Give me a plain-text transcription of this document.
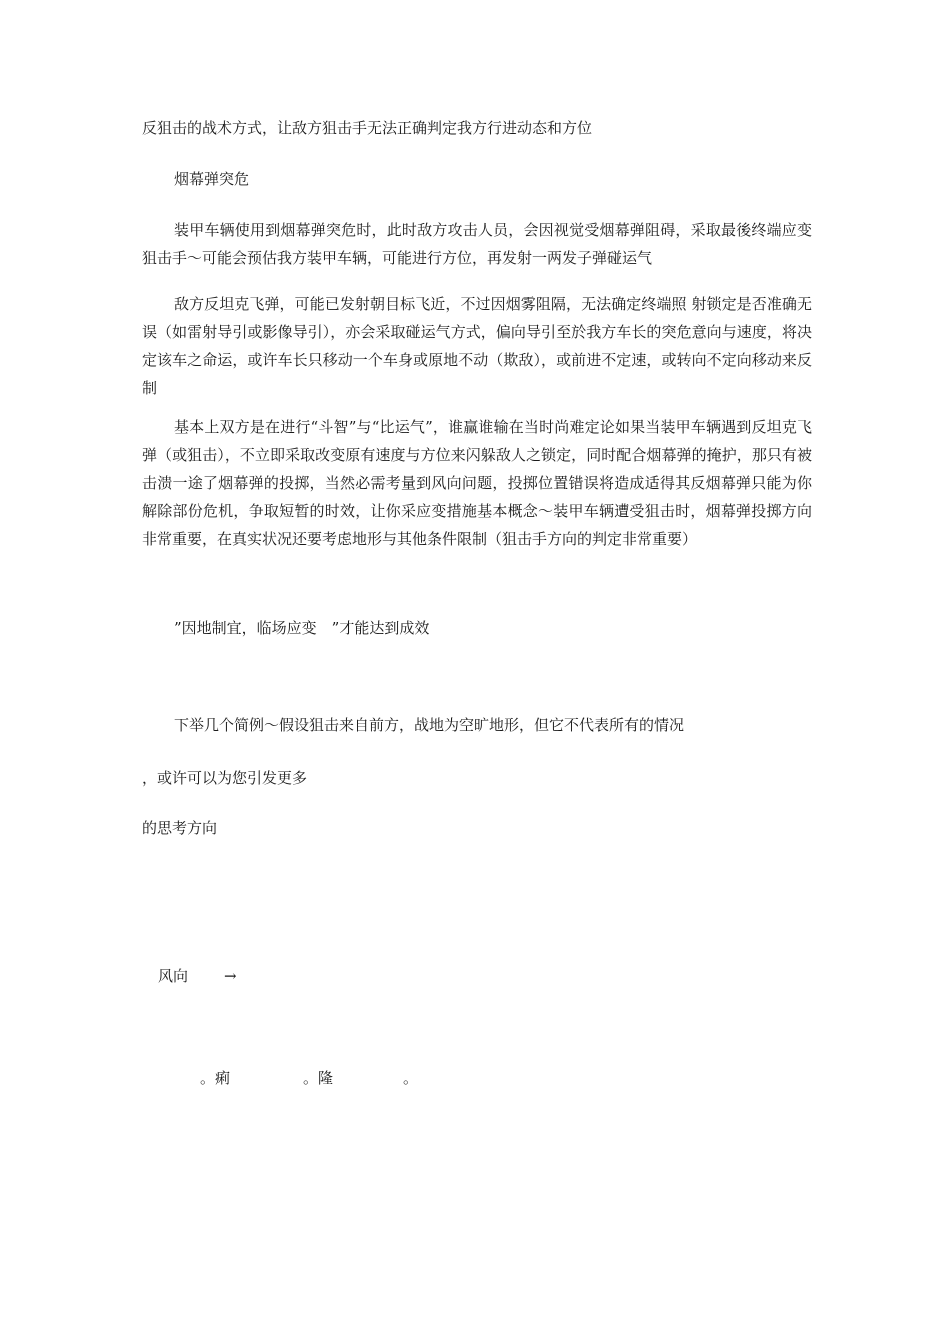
反狙击的战术方式，让敌方狙击手无法正确判定我方行进动态和方位

烟幕弹突危

装甲车辆使用到烟幕弹突危时，此时敌方攻击人员，会因视觉受烟幕弹阻碍，采取最後终端应变 狙击手～可能会预估我方装甲车辆，可能进行方位，再发射一两发子弹碰运气

敌方反坦克飞弹，可能已发射朝目标飞近，不过因烟雾阻隔，无法确定终端照 射锁定是否准确无误（如雷射导引或影像导引），亦会采取碰运气方式，偏向导引至於我方车长的突危意向与速度，将决定该车之命运，或许车长只移动一个车身或原地不动（欺敌），或前进不定速，或转向不定向移动来反制

基本上双方是在进行“斗智”与“比运气”，谁赢谁输在当时尚难定论如果当装甲车辆遇到反坦克飞弹（或狙击），不立即采取改变原有速度与方位来闪躲敌人之锁定，同时配合烟幕弹的掩护，那只有被击溃一途了烟幕弹的投掷，当然必需考量到风向问题，投掷位置错误将造成适得其反烟幕弹只能为你解除部份危机，争取短暂的时效，让你采应变措施基本概念～装甲车辆遭受狙击时，烟幕弹投掷方向非常重要，在真实状况还要考虑地形与其他条件限制（狙击手方向的判定非常重要）

”因地制宜，临场应变　”才能达到成效

下举几个简例～假设狙击来自前方，战地为空旷地形，但它不代表所有的情况

，或许可以为您引发更多

的思考方向

风向 →
。痢	。隆	。
